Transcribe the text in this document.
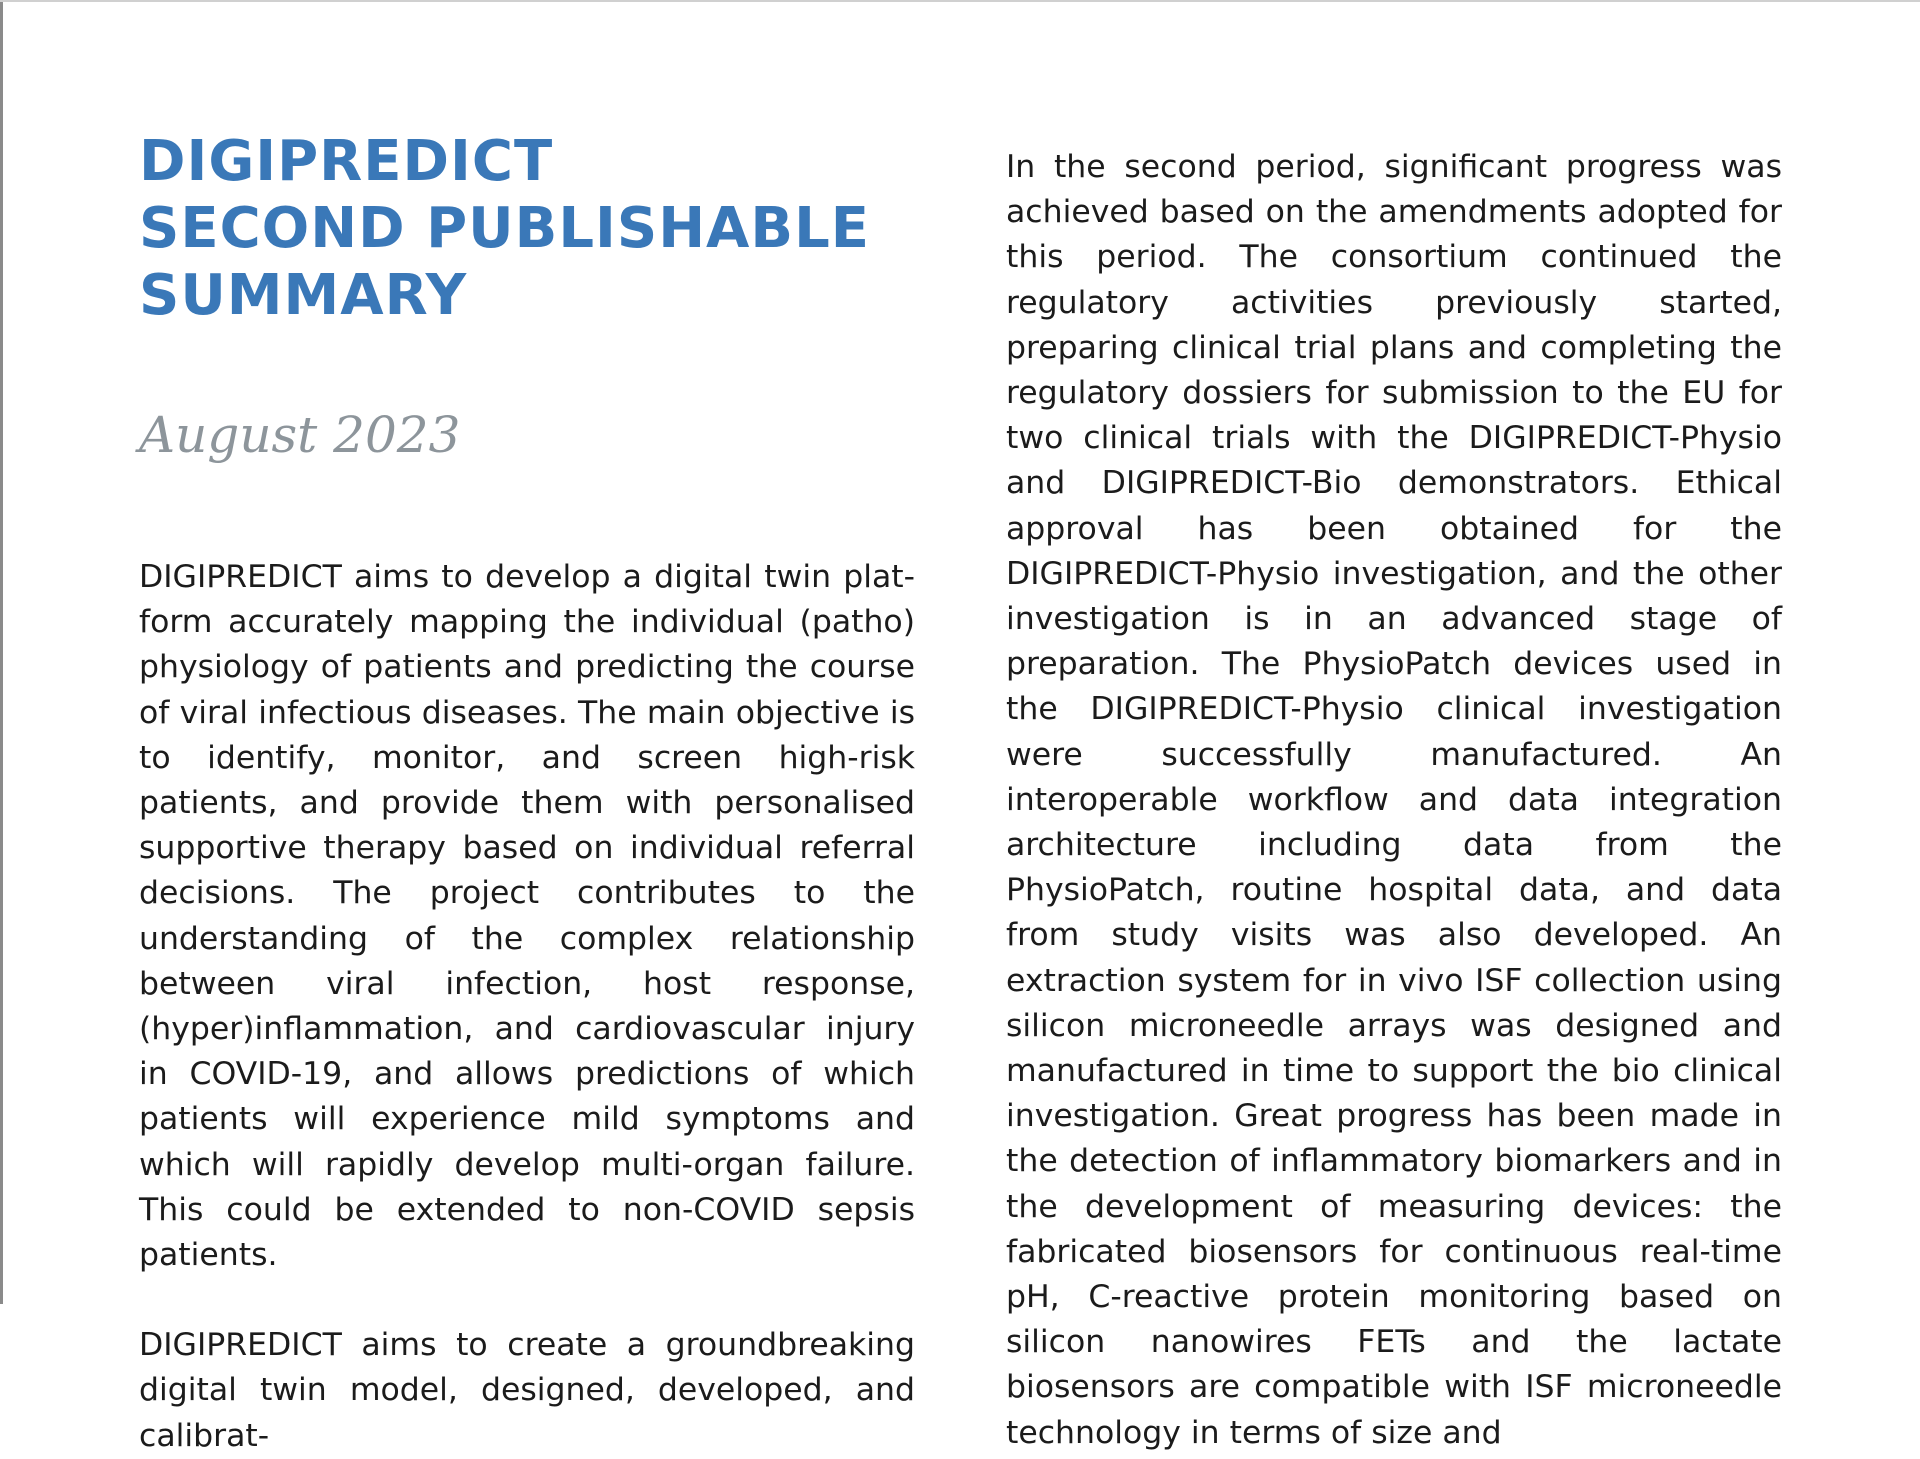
DIGIPREDICT
SECOND PUBLISHABLE
SUMMARY
August 2023

DIGIPREDICT aims to develop a digital twin platform accurately mapping the individual (patho) physiology of patients and predicting the course of viral infectious diseases. The main objective is to identify, monitor, and screen high-risk patients, and provide them with personalised supportive therapy based on individual referral decisions. The project contributes to the understanding of the complex relationship between viral infection, host response, (hyper)inflammation, and cardiovascular injury in COVID-19, and allows predictions of which patients will experience mild symptoms and which will rapidly develop multi-organ failure. This could be extended to non-COVID sepsis patients.

DIGIPREDICT aims to create a groundbreaking digital twin model, designed, developed, and calibrat-

In the second period, significant progress was achieved based on the amendments adopted for this period. The consortium continued the regulatory activities previously started, preparing clinical trial plans and completing the regulatory dossiers for submission to the EU for two clinical trials with the DIGIPREDICT-Physio and DIGIPREDICT-Bio demonstrators. Ethical approval has been obtained for the DIGIPREDICT-Physio investigation, and the other investigation is in an advanced stage of preparation. The PhysioPatch devices used in the DIGIPREDICT-Physio clinical investigation were successfully manufactured. An interoperable workflow and data integration architecture including data from the PhysioPatch, routine hospital data, and data from study visits was also developed. An extraction system for in vivo ISF collection using silicon microneedle arrays was designed and manufactured in time to support the bio clinical investigation. Great progress has been made in the detection of inflammatory biomarkers and in the development of measuring devices: the fabricated biosensors for continuous real-time pH, C-reactive protein monitoring based on silicon nanowires FETs and the lactate biosensors are compatible with ISF microneedle technology in terms of size and
